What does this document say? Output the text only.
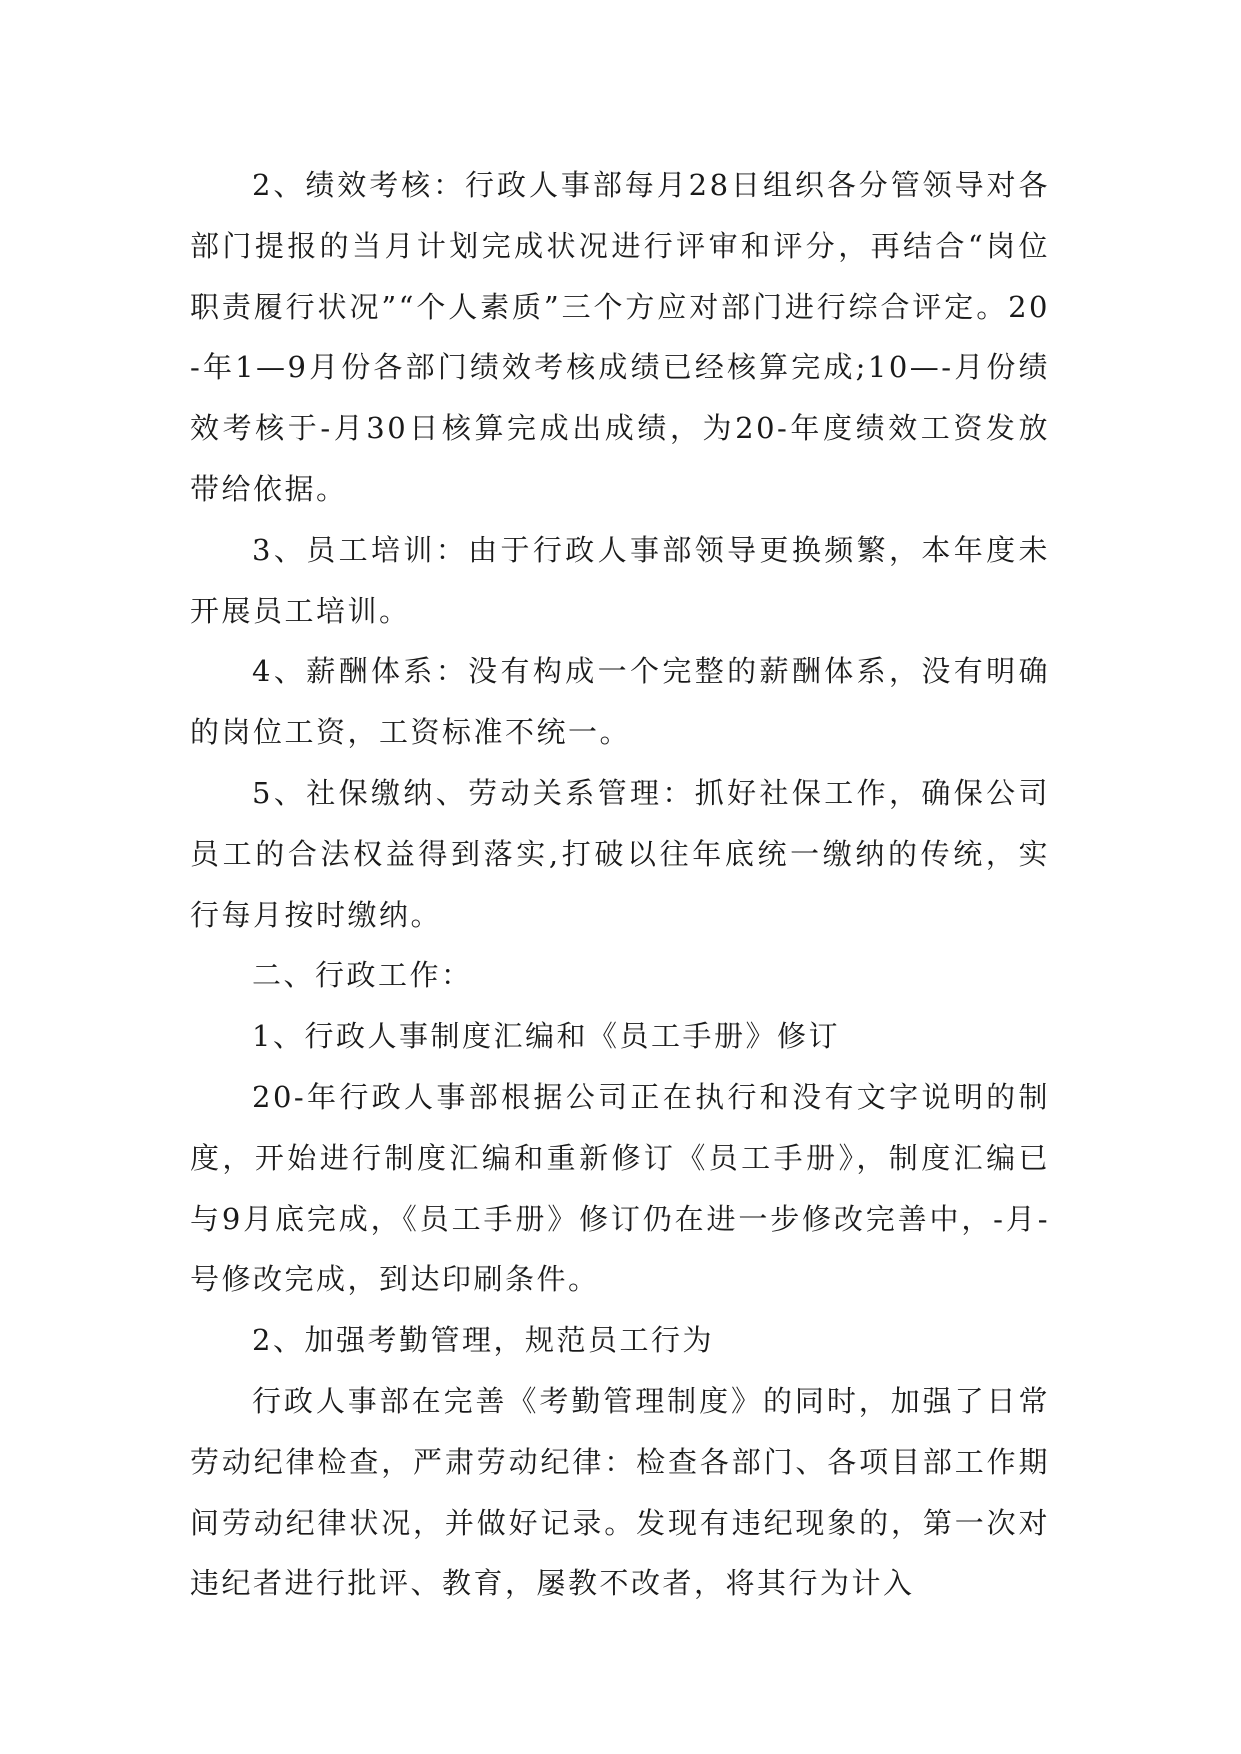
2、绩效考核：行政人事部每月28日组织各分管领导对各部门提报的当月计划完成状况进行评审和评分，再结合“岗位职责履行状况”“个人素质”三个方应对部门进行综合评定。20-年1—9月份各部门绩效考核成绩已经核算完成;10—-月份绩效考核于-月30日核算完成出成绩，为20-年度绩效工资发放带给依据。

3、员工培训：由于行政人事部领导更换频繁，本年度未开展员工培训。

4、薪酬体系：没有构成一个完整的薪酬体系，没有明确的岗位工资，工资标准不统一。

5、社保缴纳、劳动关系管理：抓好社保工作，确保公司员工的合法权益得到落实,打破以往年底统一缴纳的传统，实行每月按时缴纳。

二、行政工作：

1、行政人事制度汇编和《员工手册》修订

20-年行政人事部根据公司正在执行和没有文字说明的制度，开始进行制度汇编和重新修订《员工手册》，制度汇编已与9月底完成，《员工手册》修订仍在进一步修改完善中，-月-号修改完成，到达印刷条件。

2、加强考勤管理，规范员工行为

行政人事部在完善《考勤管理制度》的同时，加强了日常劳动纪律检查，严肃劳动纪律：检查各部门、各项目部工作期间劳动纪律状况，并做好记录。发现有违纪现象的，第一次对违纪者进行批评、教育，屡教不改者，将其行为计入
